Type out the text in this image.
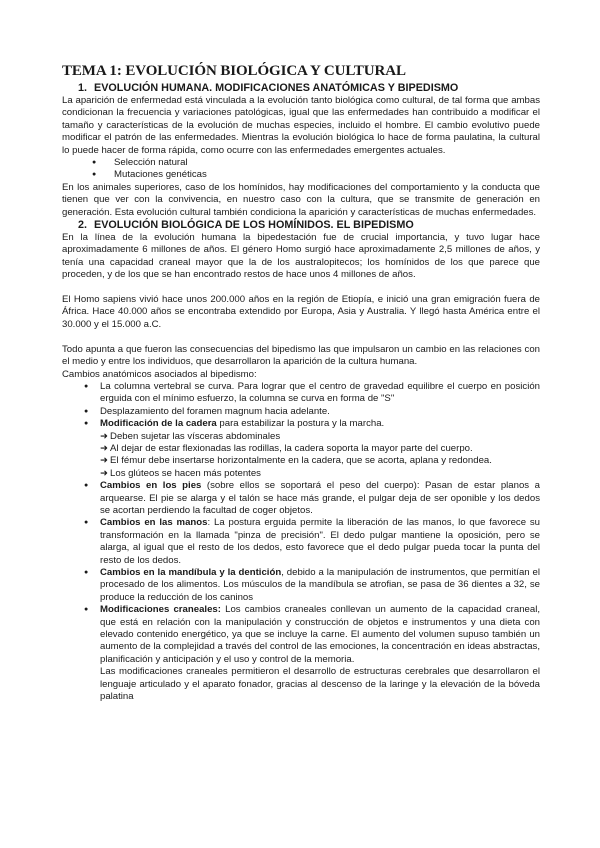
TEMA 1: EVOLUCIÓN BIOLÓGICA Y CULTURAL
1. EVOLUCIÓN HUMANA. MODIFICACIONES ANATÓMICAS Y BIPEDISMO

La aparición de enfermedad está vinculada a la evolución tanto biológica como cultural, de tal forma que ambas condicionan la frecuencia y variaciones patológicas, igual que las enfermedades han contribuido a modificar el tamaño y características de la evolución de muchas especies, incluido el hombre. El cambio evolutivo puede modificar el patrón de las enfermedades. Mientras la evolución biológica lo hace de forma paulatina, la cultural lo puede hacer de forma rápida, como ocurre con las enfermedades emergentes actuales.

● Selección natural
● Mutaciones genéticas

En los animales superiores, caso de los homínidos, hay modificaciones del comportamiento y la conducta que tienen que ver con la convivencia, en nuestro caso con la cultura, que se transmite de generación en generación. Esta evolución cultural también condiciona la aparición y características de muchas enfermedades.

2. EVOLUCIÓN BIOLÓGICA DE LOS HOMÍNIDOS. EL BIPEDISMO

En la línea de la evolución humana la bipedestación fue de crucial importancia, y tuvo lugar hace aproximadamente 6 millones de años. El género Homo surgió hace aproximadamente 2,5 millones de años, y tenía una capacidad craneal mayor que la de los australopitecos; los homínidos de los que parece que proceden, y de los que se han encontrado restos de hace unos 4 millones de años.

El Homo sapiens vivió hace unos 200.000 años en la región de Etiopía, e inició una gran emigración fuera de África. Hace 40.000 años se encontraba extendido por Europa, Asia y Australia. Y llegó hasta América entre el 30.000 y el 15.000 a.C.

Todo apunta a que fueron las consecuencias del bipedismo las que impulsaron un cambio en las relaciones con el medio y entre los individuos, que desarrollaron la aparición de la cultura humana.

Cambios anatómicos asociados al bipedismo:

● La columna vertebral se curva. Para lograr que el centro de gravedad equilibre el cuerpo en posición erguida con el mínimo esfuerzo, la columna se curva en forma de "S"
● Desplazamiento del foramen magnum hacia adelante.
● Modificación de la cadera para estabilizar la postura y la marcha.
➜ Deben sujetar las vísceras abdominales
➜ Al dejar de estar flexionadas las rodillas, la cadera soporta la mayor parte del cuerpo.
➜ El fémur debe insertarse horizontalmente en la cadera, que se acorta, aplana y redondea.
➜ Los glúteos se hacen más potentes
● Cambios en los pies (sobre ellos se soportará el peso del cuerpo): Pasan de estar planos a arquearse. El pie se alarga y el talón se hace más grande, el pulgar deja de ser oponible y los dedos se acortan perdiendo la facultad de coger objetos.
● Cambios en las manos: La postura erguida permite la liberación de las manos, lo que favorece su transformación en la llamada "pinza de precisión". El dedo pulgar mantiene la oposición, pero se alarga, al igual que el resto de los dedos, esto favorece que el dedo pulgar pueda tocar la punta del resto de los dedos.
● Cambios en la mandíbula y la dentición, debido a la manipulación de instrumentos, que permitían el procesado de los alimentos. Los músculos de la mandíbula se atrofian, se pasa de 36 dientes a 32, se produce la reducción de los caninos
● Modificaciones craneales: Los cambios craneales conllevan un aumento de la capacidad craneal, que está en relación con la manipulación y construcción de objetos e instrumentos y una dieta con elevado contenido energético, ya que se incluye la carne. El aumento del volumen supuso también un aumento de la complejidad a través del control de las emociones, la concentración en ideas abstractas, planificación y anticipación y el uso y control de la memoria.
Las modificaciones craneales permitieron el desarrollo de estructuras cerebrales que desarrollaron el lenguaje articulado y el aparato fonador, gracias al descenso de la laringe y la elevación de la bóveda palatina
